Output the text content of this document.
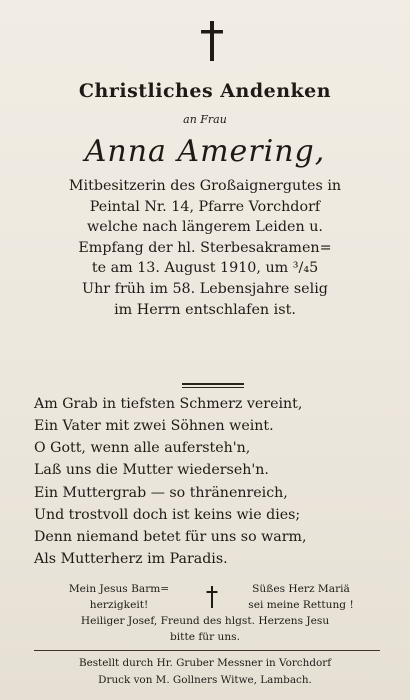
Christliches Andenken
an Frau
Anna Amering,
Mitbesitzerin des Großaignergutes in
Peintal Nr. 14, Pfarre Vorchdorf
welche nach längerem Leiden u.
Empfang der hl. Sterbesakramen=
te am 13. August 1910, um ³/₄5
Uhr früh im 58. Lebensjahre selig
im Herrn entschlafen ist.
Am Grab in tiefsten Schmerz vereint,
Ein Vater mit zwei Söhnen weint.
O Gott, wenn alle aufersteh'n,
Laß uns die Mutter wiederseh'n.
Ein Muttergrab — so thränenreich,
Und trostvoll doch ist keins wie dies;
Denn niemand betet für uns so warm,
Als Mutterherz im Paradis.
Mein Jesus Barm=
herzigkeit!
Süßes Herz Mariä
sei meine Rettung !
Heiliger Josef, Freund des hlgst. Herzens Jesu
bitte für uns.
Bestellt durch Hr. Gruber Messner in Vorchdorf
Druck von M. Gollners Witwe, Lambach.
